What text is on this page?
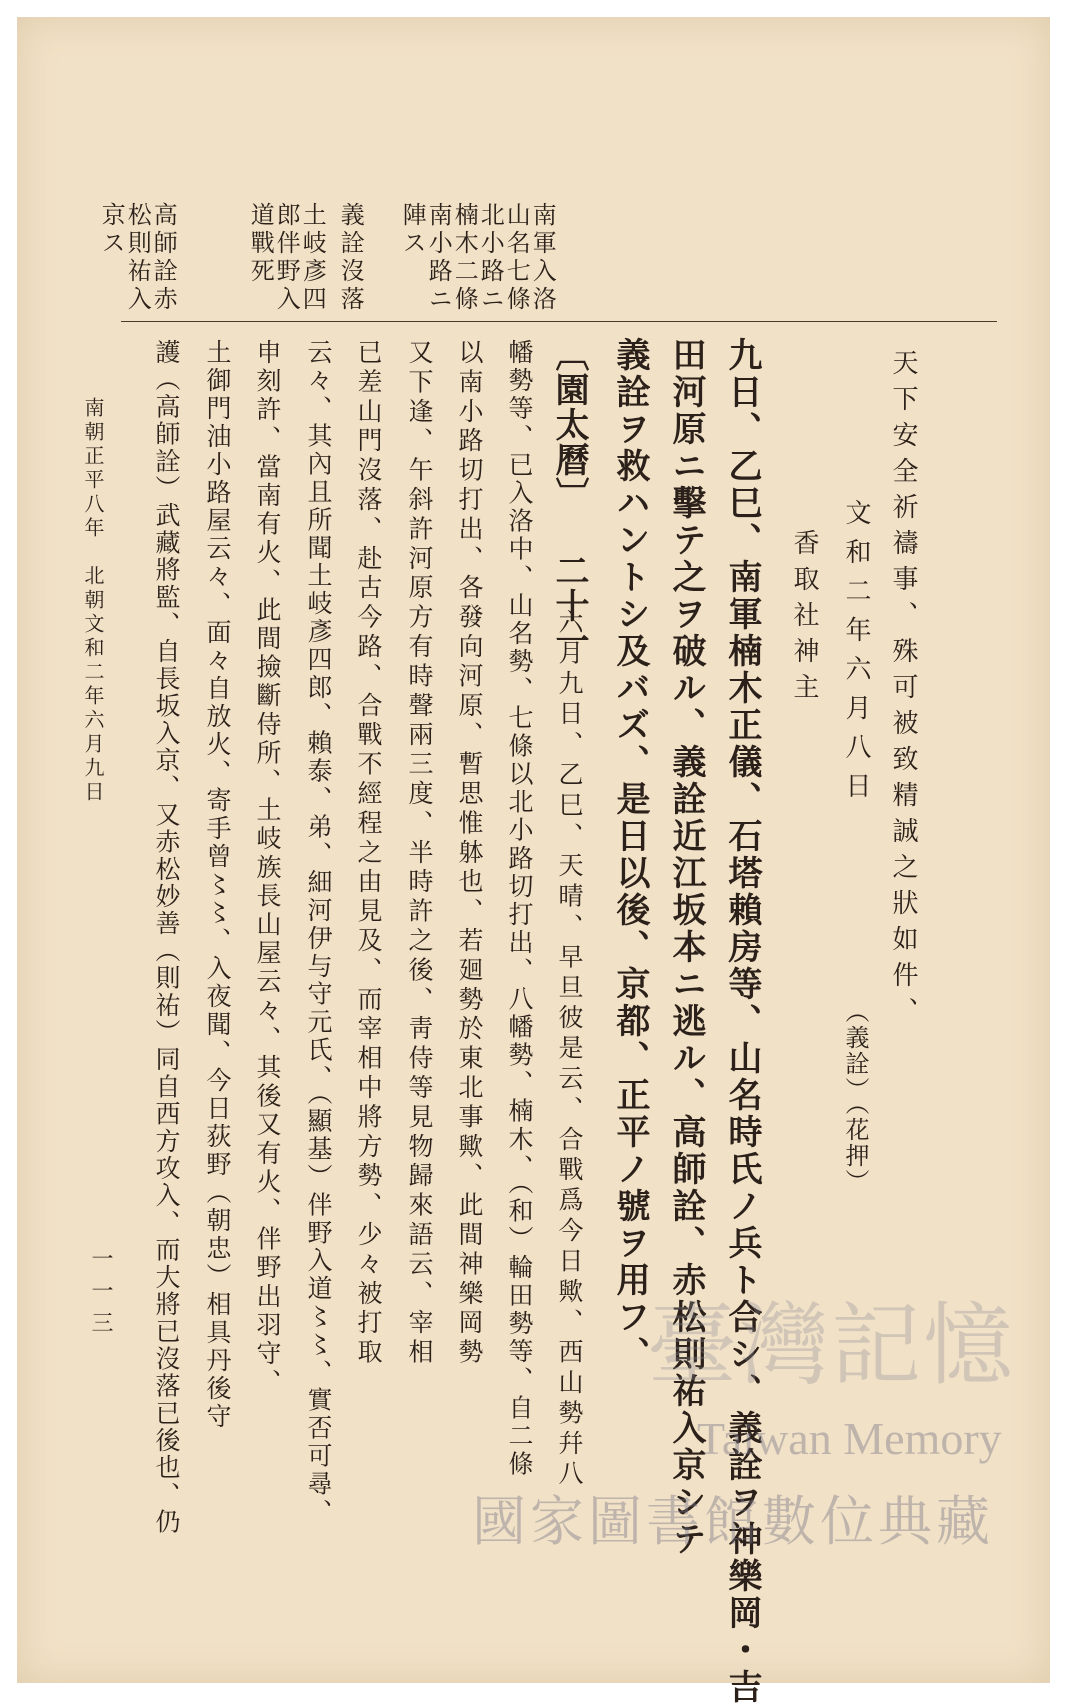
南軍入洛
山名七條
北小路ニ
楠木二條
南小路ニ
陣ス
義詮沒落
土岐彥四
郎伴野入
道戰死
高師詮赤
松則祐入
京ス
天下安全祈禱事、殊可被致精誠之狀如件、
文和二年六月八日
（義詮）（花押）
香取社神主
九日、乙巳、南軍楠木正儀、石塔賴房等、山名時氏ノ兵ト合シ、義詮ヲ神樂岡・吉
田河原ニ擊テ之ヲ破ル、義詮近江坂本ニ逃ル、高師詮、赤松則祐入京シテ
義詮ヲ救ハントシ及バズ、是日以後、京都、正平ノ號ヲ用フ、
〔園太曆〕 二十一
六月九日、乙巳、天晴、早旦彼是云、合戰爲今日歟、西山勢幷八
幡勢等、已入洛中、山名勢、七條以北小路切打出、八幡勢、楠木、（和）輪田勢等、自二條
以南小路切打出、各發向河原、暫思惟躰也、若廻勢於東北事歟、此間神樂岡勢
又下逢、午斜許河原方有時聲兩三度、半時許之後、靑侍等見物歸來語云、宰相
已差山門沒落、赴古今路、合戰不經程之由見及、而宰相中將方勢、少々被打取
云々、其內且所聞土岐彥四郎、賴泰、弟、細河伊与守元氏、（顯基）伴野入道〻〻、實否可尋、
申刻許、當南有火、此間撿斷侍所、土岐族長山屋云々、其後又有火、伴野出羽守、
土御門油小路屋云々、面々自放火、寄手曾〻〻、入夜聞、今日荻野（朝忠）相具丹後守
護（高師詮）武藏將監、自長坂入京、又赤松妙善（則祐）同自西方攻入、而大將已沒落已後也、仍
南朝正平八年　北朝文和二年六月九日
一一三	臺灣記憶
Taiwan Memory
國家圖書館數位典藏
